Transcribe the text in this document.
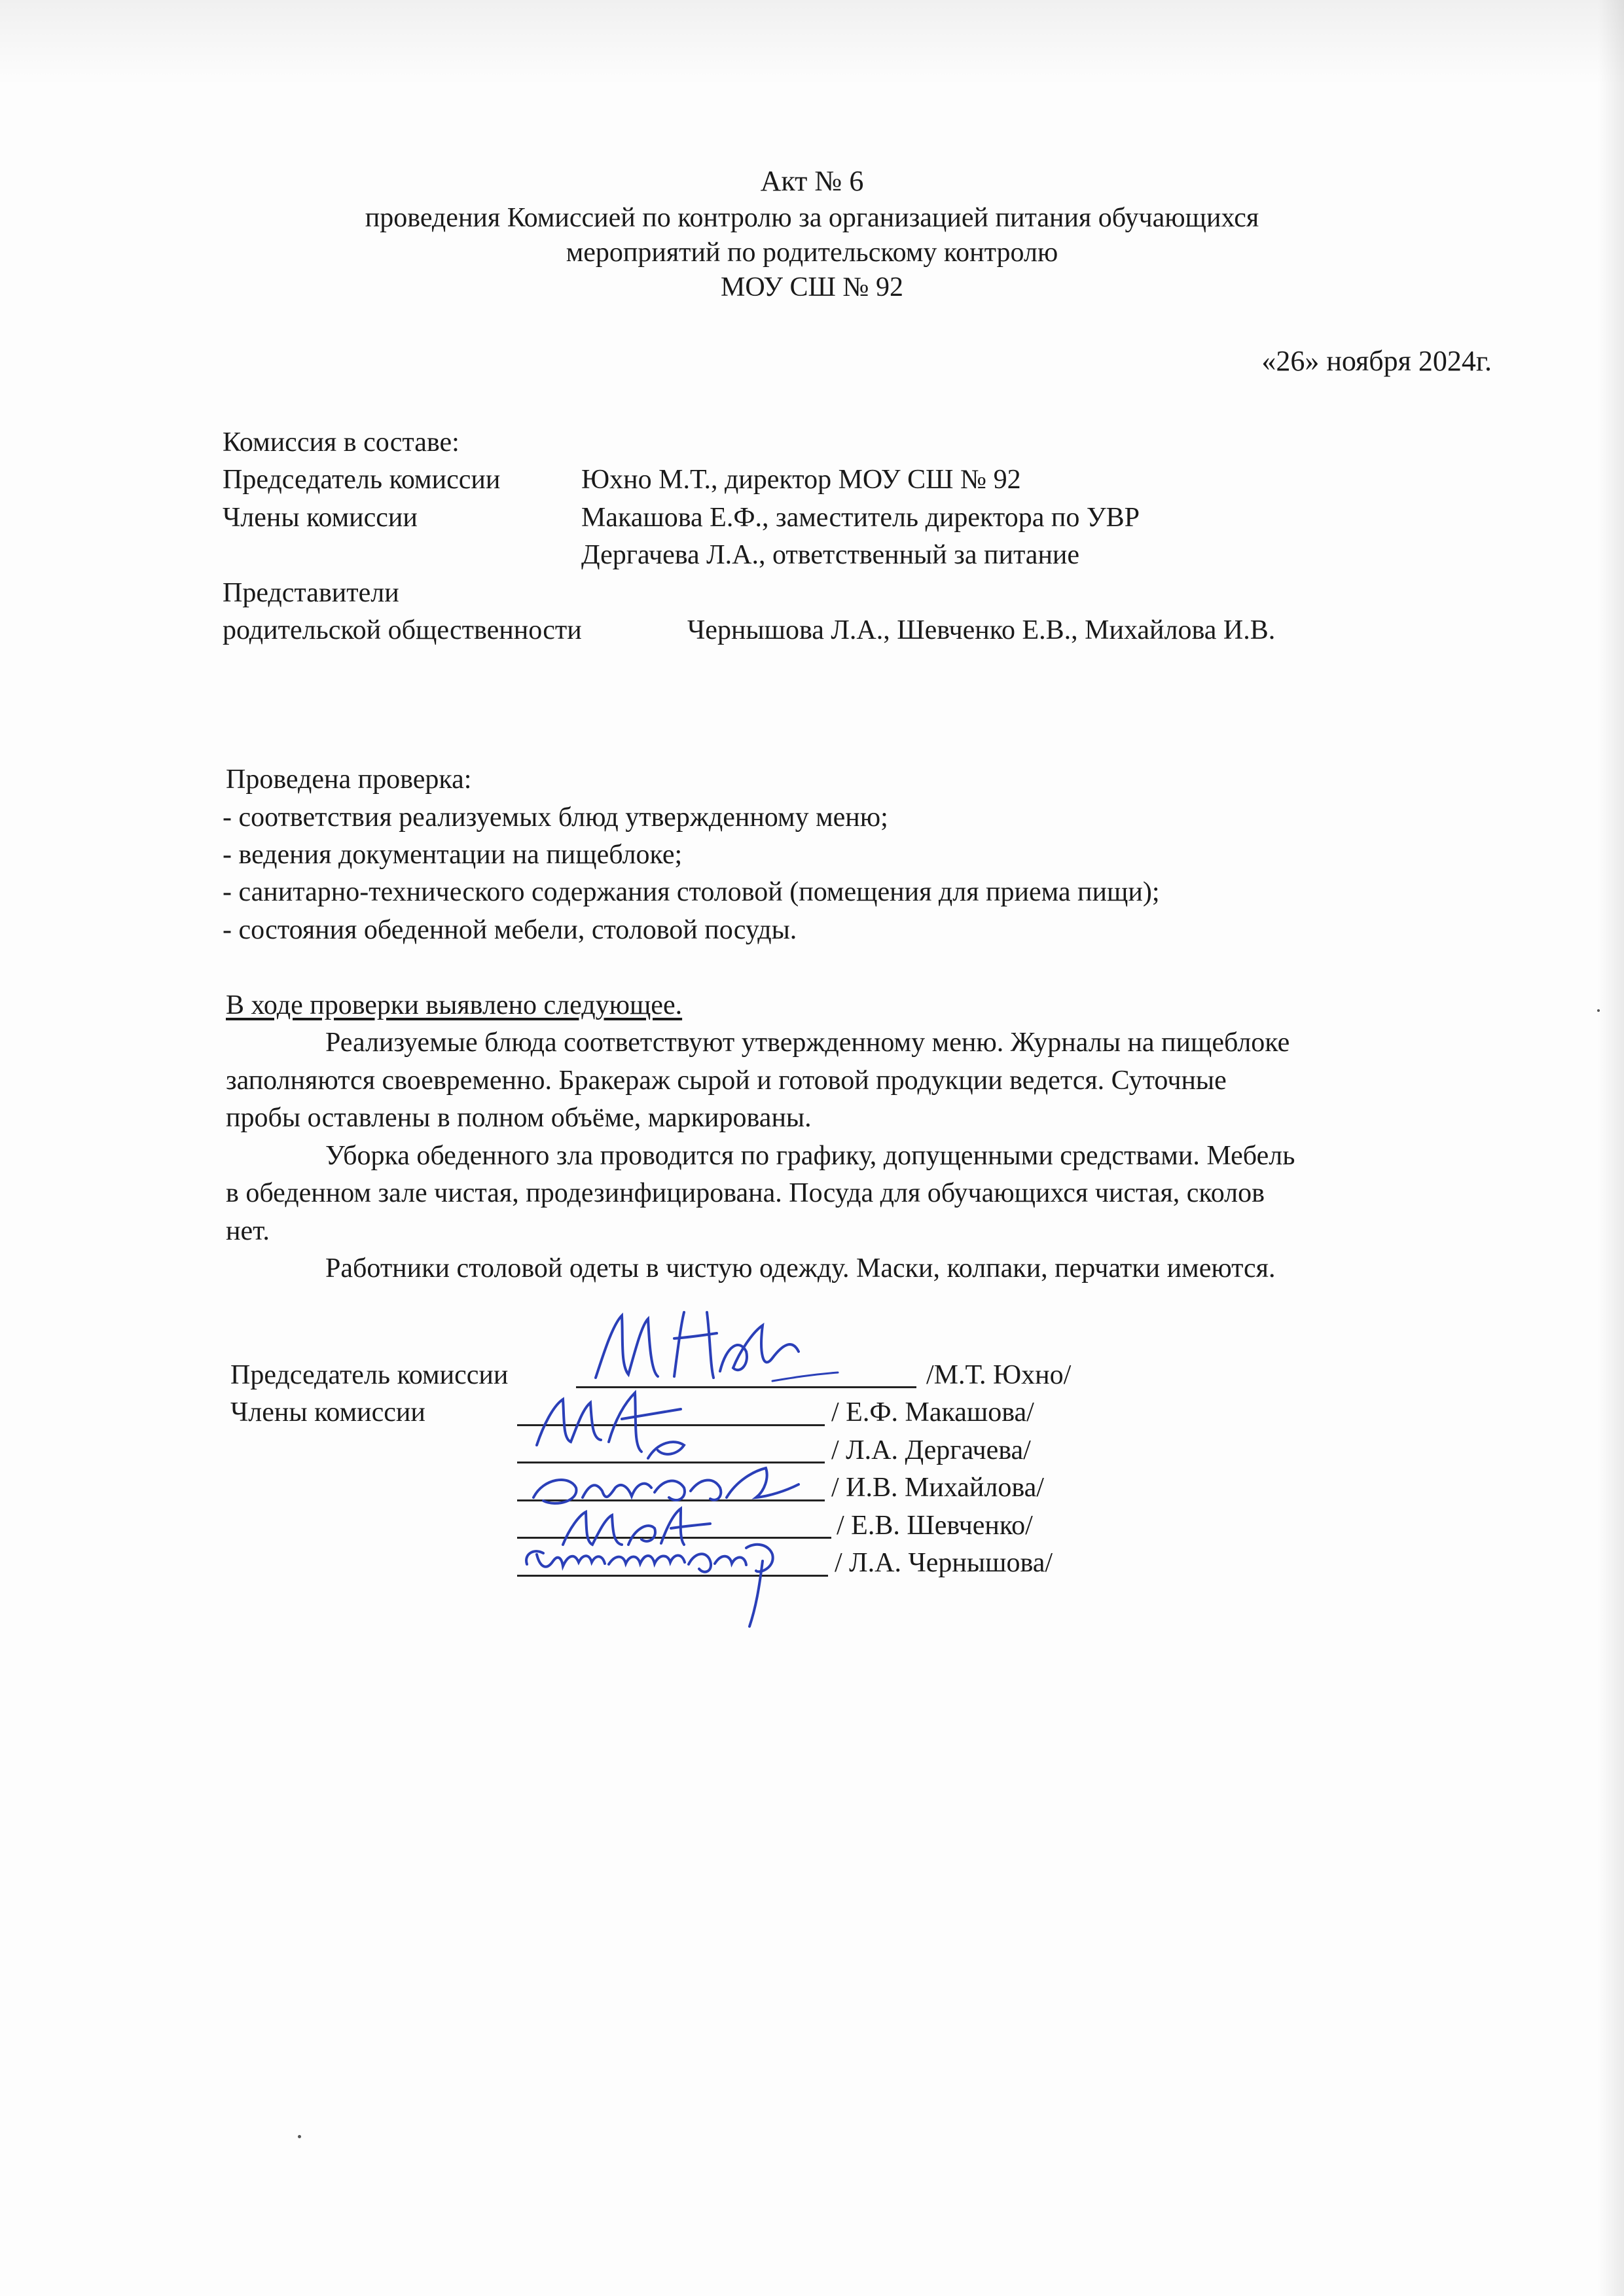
Акт № 6
проведения Комиссией по контролю за организацией питания обучающихся
мероприятий по родительскому контролю
МОУ СШ № 92
«26» ноября 2024г.
Комиссия в составе:
Председатель комиссии	Юхно М.Т., директор МОУ СШ № 92
Члены комиссии	Макашова Е.Ф., заместитель директора по УВР
Дергачева Л.А., ответственный за питание
Представители
родительской общественности	Чернышова Л.А., Шевченко Е.В., Михайлова И.В.
Проведена проверка:
- соответствия реализуемых блюд утвержденному меню;
- ведения документации на пищеблоке;
- санитарно-технического содержания столовой (помещения для приема пищи);
- состояния обеденной мебели, столовой посуды.
В ходе проверки выявлено следующее.
Реализуемые блюда соответствуют утвержденному меню. Журналы на пищеблоке
заполняются своевременно. Бракераж сырой и готовой продукции ведется. Суточные
пробы оставлены в полном объёме, маркированы.
Уборка обеденного зла проводится по графику, допущенными средствами. Мебель
в обеденном зале чистая, продезинфицирована. Посуда для обучающихся чистая, сколов
нет.
Работники столовой одеты в чистую одежду. Маски, колпаки, перчатки имеются.
Председатель комиссии	/М.Т. Юхно/
Члены комиссии	/ Е.Ф. Макашова/
/ Л.А. Дергачева/
/ И.В. Михайлова/
/ Е.В. Шевченко/
/ Л.А. Чернышова/
